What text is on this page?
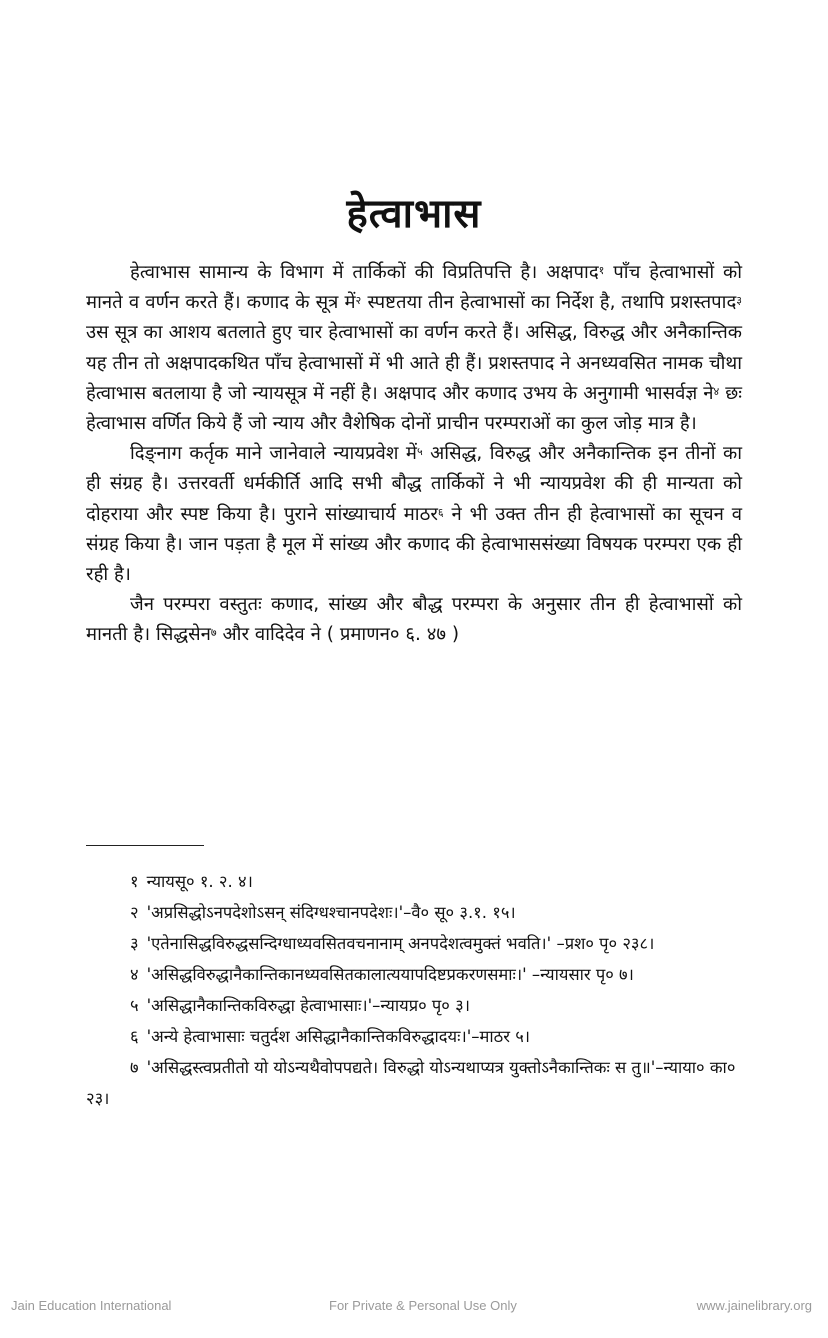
हेत्वाभास

हेत्वाभास सामान्य के विभाग में तार्किकों की विप्रतिपत्ति है। अक्षपाद$^१$ पाँच हेत्वाभासों को मानते व वर्णन करते हैं। कणाद के सूत्र में$^२$ स्पष्टतया तीन हेत्वाभासों का निर्देश है, तथापि प्रशस्तपाद$^३$ उस सूत्र का आशय बतलाते हुए चार हेत्वाभासों का वर्णन करते हैं। असिद्ध, विरुद्ध और अनैकान्तिक यह तीन तो अक्षपादकथित पाँच हेत्वाभासों में भी आते ही हैं। प्रशस्तपाद ने अनध्यवसित नामक चौथा हेत्वाभास बतलाया है जो न्यायसूत्र में नहीं है। अक्षपाद और कणाद उभय के अनुगामी भासर्वज्ञ ने$^४$ छः हेत्वाभास वर्णित किये हैं जो न्याय और वैशेषिक दोनों प्राचीन परम्पराओं का कुल जोड़ मात्र है।

दिङ्नाग कर्तृक माने जानेवाले न्यायप्रवेश में$^५$ असिद्ध, विरुद्ध और अनैकान्तिक इन तीनों का ही संग्रह है। उत्तरवर्ती धर्मकीर्ति आदि सभी बौद्ध तार्किकों ने भी न्यायप्रवेश की ही मान्यता को दोहराया और स्पष्ट किया है। पुराने सांख्याचार्य माठर$^६$ ने भी उक्त तीन ही हेत्वाभासों का सूचन व संग्रह किया है। जान पड़ता है मूल में सांख्य और कणाद की हेत्वाभाससंख्या विषयक परम्परा एक ही रही है।

जैन परम्परा वस्तुतः कणाद, सांख्य और बौद्ध परम्परा के अनुसार तीन ही हेत्वाभासों को मानती है। सिद्धसेन$^७$ और वादिदेव ने ( प्रमाणन० ६. ४७ )

१ न्यायसू० १. २. ४।

२ 'अप्रसिद्धोऽनपदेशोऽसन् संदिग्धश्चानपदेशः।'–वै० सू० ३.१. १५।

३ 'एतेनासिद्धविरुद्धसन्दिग्धाध्यवसितवचनानाम् अनपदेशत्वमुक्तं भवति।' –प्रश० पृ० २३८।

४ 'असिद्धविरुद्धानैकान्तिकानध्यवसितकालात्ययापदिष्टप्रकरणसमाः।' –न्यायसार पृ० ७।

५ 'असिद्धानैकान्तिकविरुद्धा हेत्वाभासाः।'–न्यायप्र० पृ० ३।

६ 'अन्ये हेत्वाभासाः चतुर्दश असिद्धानैकान्तिकविरुद्धादयः।'–माठर ५।

७ 'असिद्धस्त्वप्रतीतो यो योऽन्यथैवोपपद्यते। विरुद्धो योऽन्यथाप्यत्र युक्तोऽनैकान्तिकः स तु॥'–न्याया० का० २३।

Jain Education International	For Private & Personal Use Only	www.jainelibrary.org
